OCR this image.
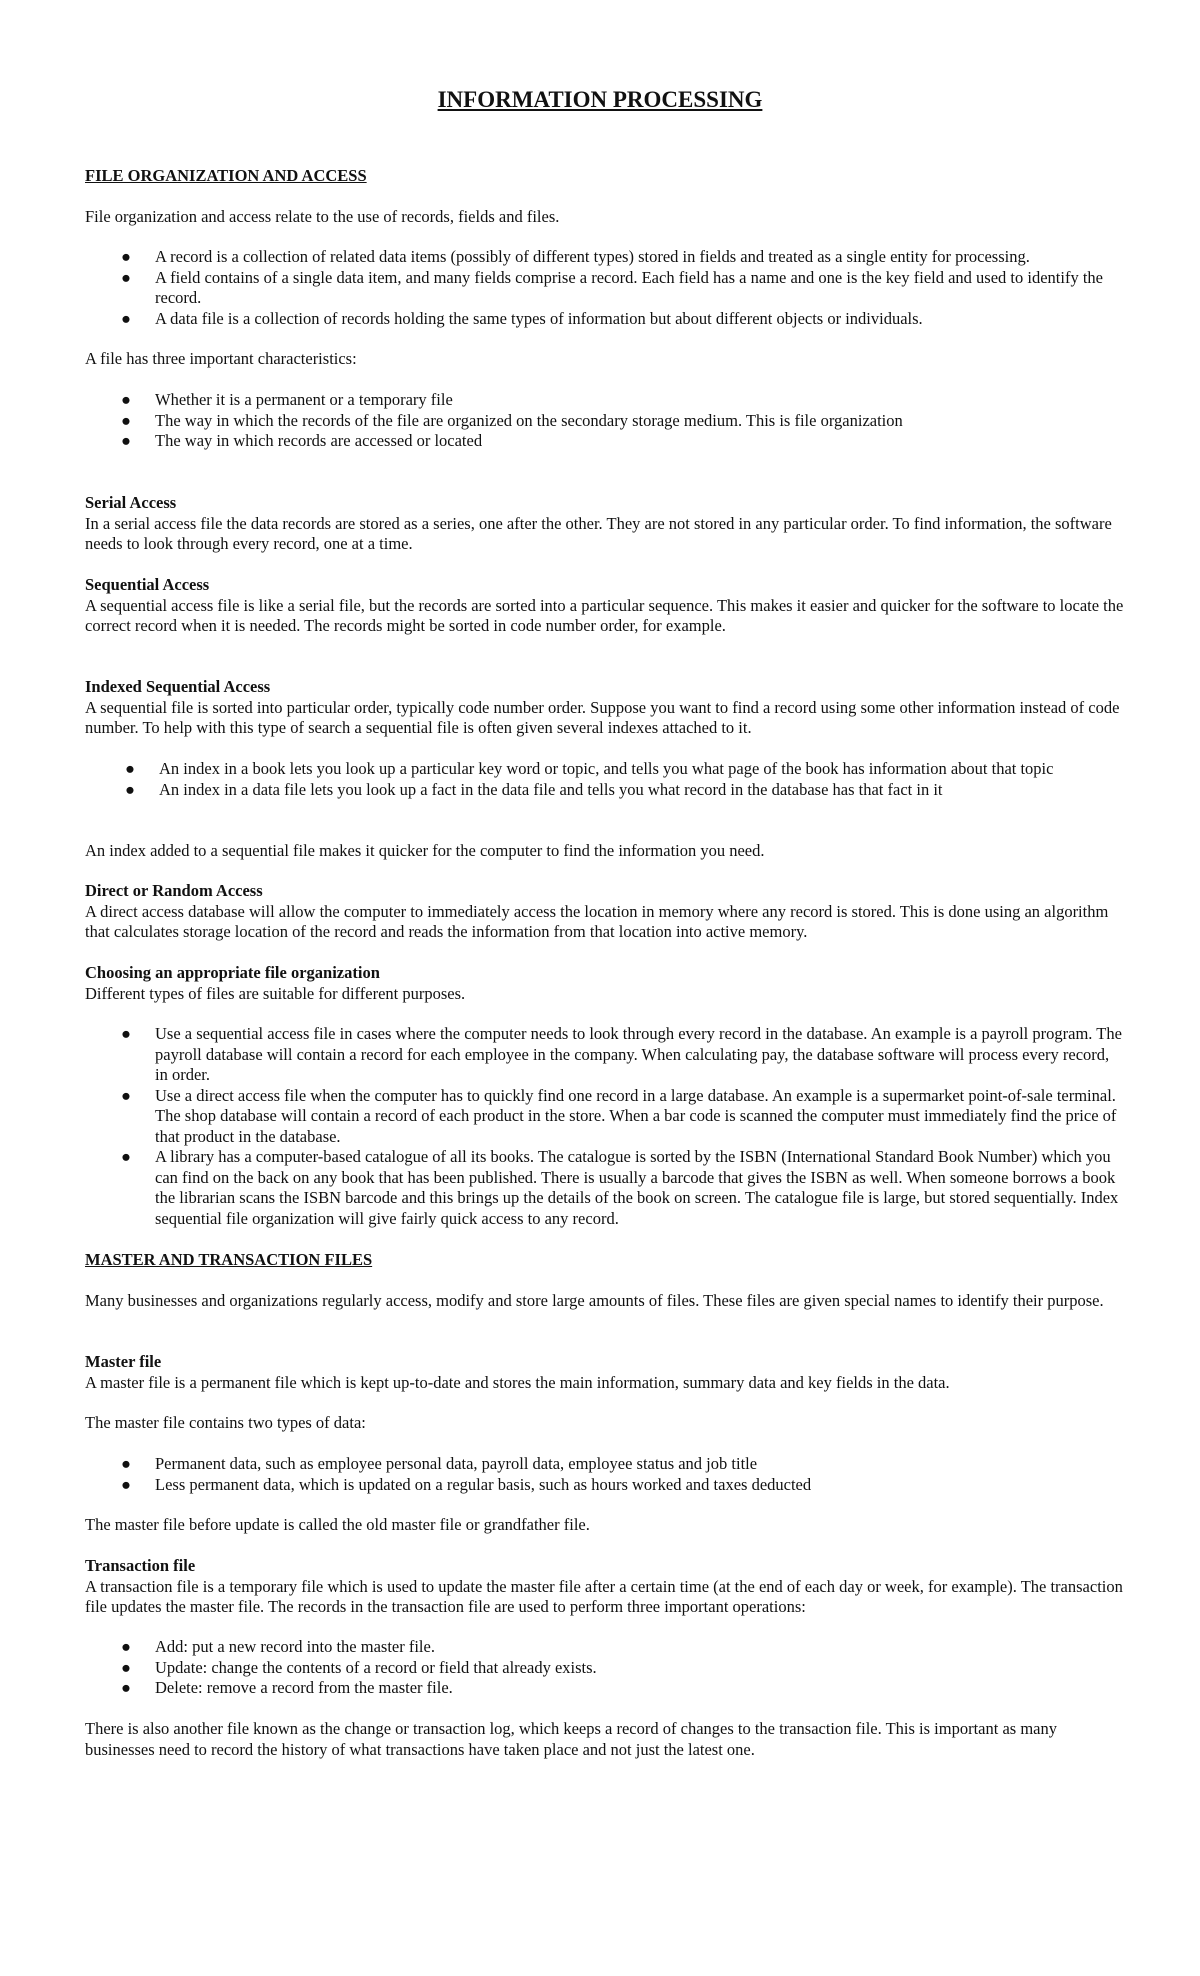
INFORMATION PROCESSING
FILE ORGANIZATION AND ACCESS

File organization and access relate to the use of records, fields and files.

● A record is a collection of related data items (possibly of different types) stored in fields and treated as a single entity for processing.
● A field contains of a single data item, and many fields comprise a record. Each field has a name and one is the key field and used to identify the record.
● A data file is a collection of records holding the same types of information but about different objects or individuals.

A file has three important characteristics:

● Whether it is a permanent or a temporary file
● The way in which the records of the file are organized on the secondary storage medium. This is file organization
● The way in which records are accessed or located
Serial Access

In a serial access file the data records are stored as a series, one after the other. They are not stored in any particular order. To find information, the software needs to look through every record, one at a time.

Sequential Access

A sequential access file is like a serial file, but the records are sorted into a particular sequence. This makes it easier and quicker for the software to locate the correct record when it is needed. The records might be sorted in code number order, for example.

Indexed Sequential Access

A sequential file is sorted into particular order, typically code number order. Suppose you want to find a record using some other information instead of code number. To help with this type of search a sequential file is often given several indexes attached to it.

● An index in a book lets you look up a particular key word or topic, and tells you what page of the book has information about that topic
● An index in a data file lets you look up a fact in the data file and tells you what record in the database has that fact in it

An index added to a sequential file makes it quicker for the computer to find the information you need.

Direct or Random Access

A direct access database will allow the computer to immediately access the location in memory where any record is stored. This is done using an algorithm that calculates storage location of the record and reads the information from that location into active memory.

Choosing an appropriate file organization

Different types of files are suitable for different purposes.

● Use a sequential access file in cases where the computer needs to look through every record in the database. An example is a payroll program. The payroll database will contain a record for each employee in the company. When calculating pay, the database software will process every record, in order.
● Use a direct access file when the computer has to quickly find one record in a large database. An example is a supermarket point-of-sale terminal. The shop database will contain a record of each product in the store. When a bar code is scanned the computer must immediately find the price of that product in the database.
● A library has a computer-based catalogue of all its books. The catalogue is sorted by the ISBN (International Standard Book Number) which you can find on the back on any book that has been published. There is usually a barcode that gives the ISBN as well. When someone borrows a book the librarian scans the ISBN barcode and this brings up the details of the book on screen. The catalogue file is large, but stored sequentially. Index sequential file organization will give fairly quick access to any record.
MASTER AND TRANSACTION FILES

Many businesses and organizations regularly access, modify and store large amounts of files. These files are given special names to identify their purpose.

Master file

A master file is a permanent file which is kept up-to-date and stores the main information, summary data and key fields in the data.

The master file contains two types of data:

● Permanent data, such as employee personal data, payroll data, employee status and job title
● Less permanent data, which is updated on a regular basis, such as hours worked and taxes deducted

The master file before update is called the old master file or grandfather file.

Transaction file

A transaction file is a temporary file which is used to update the master file after a certain time (at the end of each day or week, for example). The transaction file updates the master file. The records in the transaction file are used to perform three important operations:

● Add: put a new record into the master file.
● Update: change the contents of a record or field that already exists.
● Delete: remove a record from the master file.

There is also another file known as the change or transaction log, which keeps a record of changes to the transaction file. This is important as many businesses need to record the history of what transactions have taken place and not just the latest one.
